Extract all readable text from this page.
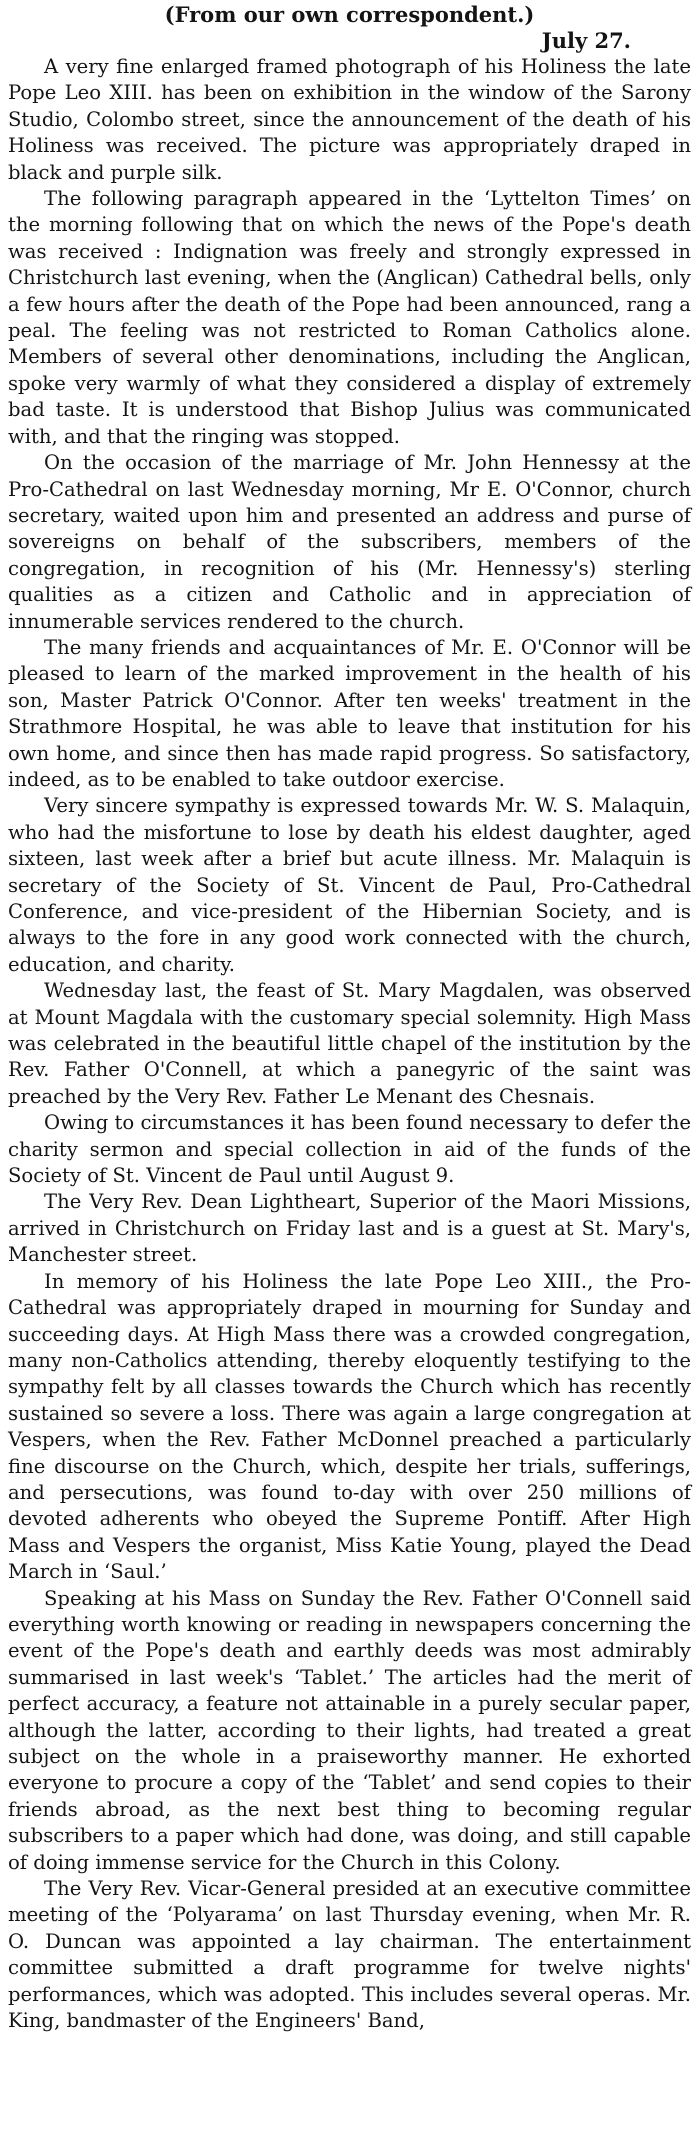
(From our own correspondent.)

July 27.

A very fine enlarged framed photograph of his Holiness the late Pope Leo XIII. has been on exhibition in the window of the Sarony Studio, Colombo street, since the announcement of the death of his Holiness was received. The picture was appropriately draped in black and purple silk.

The following paragraph appeared in the ‘Lyttelton Times’ on the morning following that on which the news of the Pope's death was received : Indignation was freely and strongly expressed in Christchurch last evening, when the (Anglican) Cathedral bells, only a few hours after the death of the Pope had been announced, rang a peal. The feeling was not restricted to Roman Catholics alone. Members of several other denominations, including the Anglican, spoke very warmly of what they considered a display of extremely bad taste. It is understood that Bishop Julius was communicated with, and that the ringing was stopped.

On the occasion of the marriage of Mr. John Hennessy at the Pro-Cathedral on last Wednesday morning, Mr E. O'Connor, church secretary, waited upon him and presented an address and purse of sovereigns on behalf of the subscribers, members of the congregation, in recognition of his (Mr. Hennessy's) sterling qualities as a citizen and Catholic and in appreciation of innumerable services rendered to the church.

The many friends and acquaintances of Mr. E. O'Connor will be pleased to learn of the marked improvement in the health of his son, Master Patrick O'Connor. After ten weeks' treatment in the Strathmore Hospital, he was able to leave that institution for his own home, and since then has made rapid progress. So satisfactory, indeed, as to be enabled to take outdoor exercise.

Very sincere sympathy is expressed towards Mr. W. S. Malaquin, who had the misfortune to lose by death his eldest daughter, aged sixteen, last week after a brief but acute illness. Mr. Malaquin is secretary of the Society of St. Vincent de Paul, Pro-Cathedral Conference, and vice-president of the Hibernian Society, and is always to the fore in any good work connected with the church, education, and charity.

Wednesday last, the feast of St. Mary Magdalen, was observed at Mount Magdala with the customary special solemnity. High Mass was celebrated in the beautiful little chapel of the institution by the Rev. Father O'Connell, at which a panegyric of the saint was preached by the Very Rev. Father Le Menant des Chesnais.

Owing to circumstances it has been found necessary to defer the charity sermon and special collection in aid of the funds of the Society of St. Vincent de Paul until August 9.

The Very Rev. Dean Lightheart, Superior of the Maori Missions, arrived in Christchurch on Friday last and is a guest at St. Mary's, Manchester street.

In memory of his Holiness the late Pope Leo XIII., the Pro-Cathedral was appropriately draped in mourning for Sunday and succeeding days. At High Mass there was a crowded congregation, many non-Catholics attending, thereby eloquently testifying to the sympathy felt by all classes towards the Church which has recently sustained so severe a loss. There was again a large congregation at Vespers, when the Rev. Father McDonnel preached a particularly fine discourse on the Church, which, despite her trials, sufferings, and persecutions, was found to-day with over 250 millions of devoted adherents who obeyed the Supreme Pontiff. After High Mass and Vespers the organist, Miss Katie Young, played the Dead March in ‘Saul.’

Speaking at his Mass on Sunday the Rev. Father O'Connell said everything worth knowing or reading in newspapers concerning the event of the Pope's death and earthly deeds was most admirably summarised in last week's ‘Tablet.’ The articles had the merit of perfect accuracy, a feature not attainable in a purely secular paper, although the latter, according to their lights, had treated a great subject on the whole in a praiseworthy manner. He exhorted everyone to procure a copy of the ‘Tablet’ and send copies to their friends abroad, as the next best thing to becoming regular subscribers to a paper which had done, was doing, and still capable of doing immense service for the Church in this Colony.

The Very Rev. Vicar-General presided at an executive committee meeting of the ‘Polyarama’ on last Thursday evening, when Mr. R. O. Duncan was appointed a lay chairman. The entertainment committee submitted a draft programme for twelve nights' performances, which was adopted. This includes several operas. Mr. King, bandmaster of the Engineers' Band,
